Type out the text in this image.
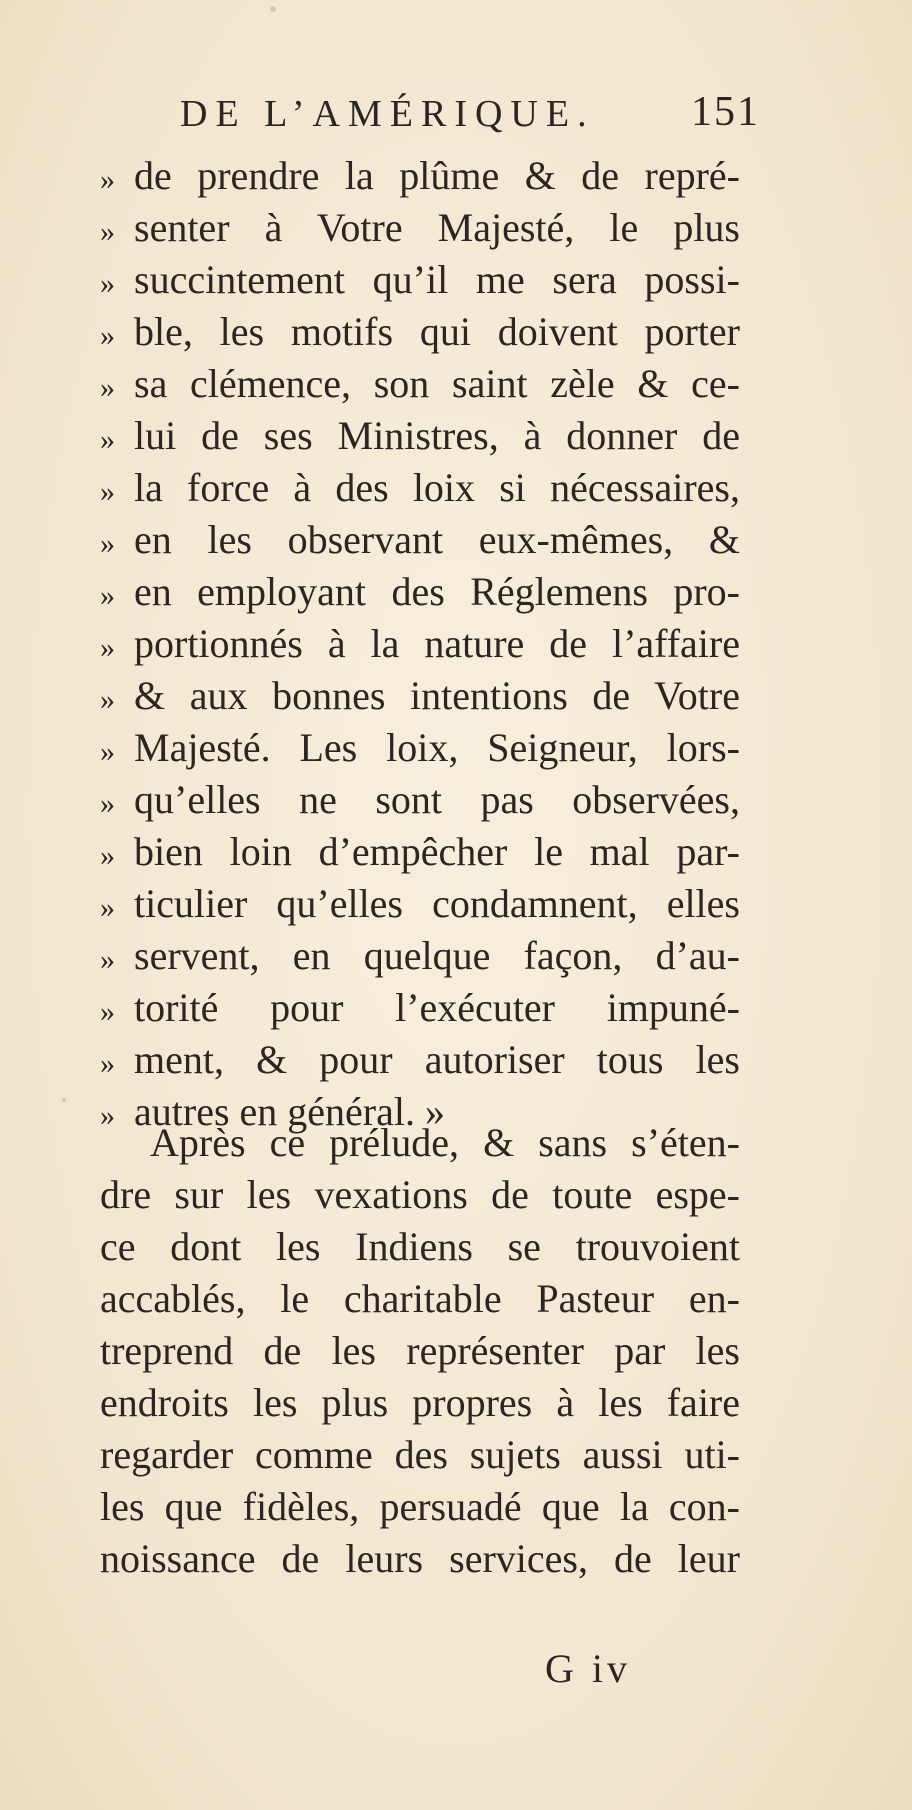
DE L’AMÉRIQUE. 151
» de prendre la plûme & de repré-
» senter à Votre Majesté, le plus
» succintement qu’il me sera possi-
» ble, les motifs qui doivent porter
» sa clémence, son saint zèle & ce-
» lui de ses Ministres, à donner de
» la force à des loix si nécessaires,
» en les observant eux-mêmes, &
» en employant des Réglemens pro-
» portionnés à la nature de l’affaire
» & aux bonnes intentions de Votre
» Majesté. Les loix, Seigneur, lors-
» qu’elles ne sont pas observées,
» bien loin d’empêcher le mal par-
» ticulier qu’elles condamnent, elles
» servent, en quelque façon, d’au-
» torité pour l’exécuter impuné-
» ment, & pour autoriser tous les
» autres en général. »
Après ce prélude, & sans s’éten-
dre sur les vexations de toute espe-
ce dont les Indiens se trouvoient
accablés, le charitable Pasteur en-
treprend de les représenter par les
endroits les plus propres à les faire
regarder comme des sujets aussi uti-
les que fidèles, persuadé que la con-
noissance de leurs services, de leur
G iv
